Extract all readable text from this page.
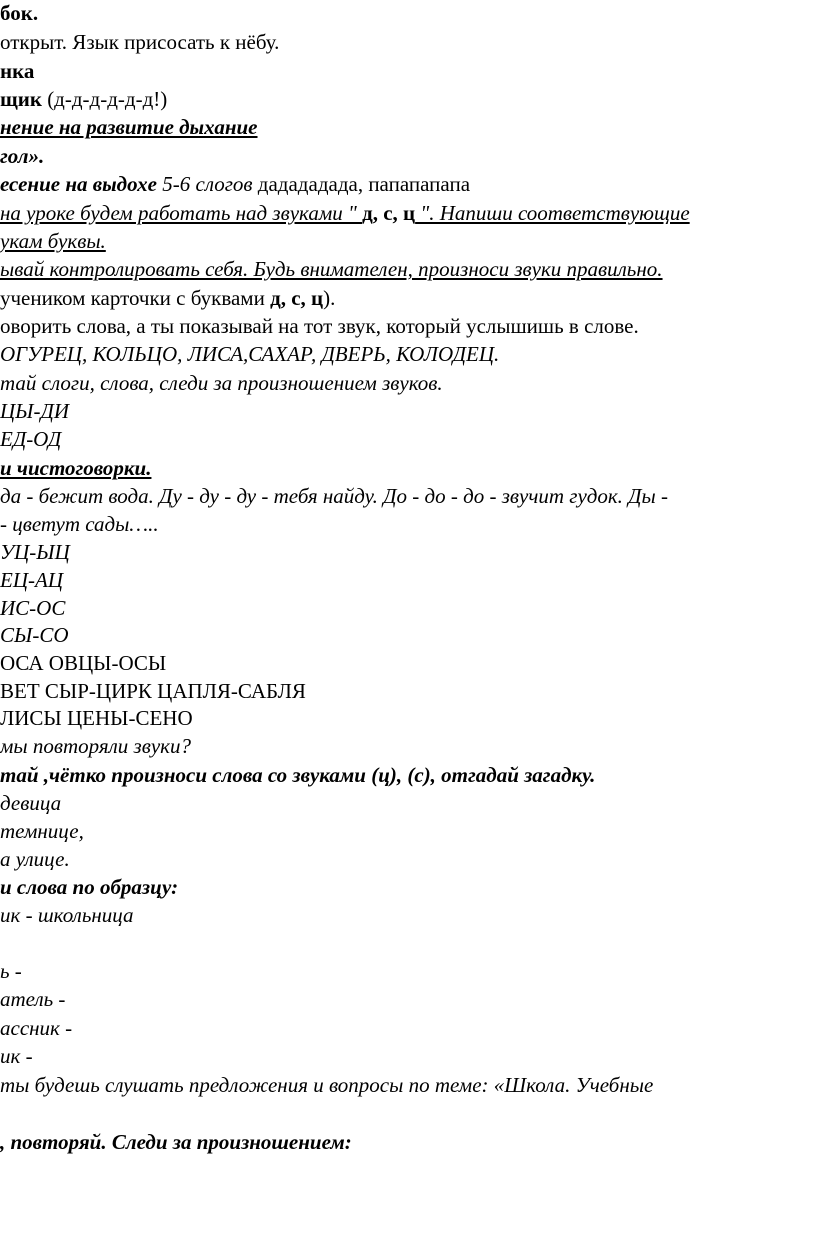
бок.
открыт. Язык присосать к нёбу.
нка
щик (д-д-д-д-д-д!)
нение на развитие дыхание
гол».
есение на выдохе 5-6 слогов дадададада, папапапапа
на уроке будем работать над звуками " д, с, ц ". Напиши соответствующие
укам буквы.
ывай контролировать себя. Будь внимателен, произноси звуки правильно.
учеником карточки с буквами д, с, ц).
оворить слова, а ты показывай на тот звук, который услышишь в слове.
ОГУРЕЦ, КОЛЬЦО, ЛИСА,САХАР, ДВЕРЬ, КОЛОДЕЦ.
тай слоги, слова, следи за произношением звуков.
ЦЫ-ДИ
ЕД-ОД
и чистоговорки.
да - бежит вода. Ду - ду - ду - тебя найду. До - до - до - звучит гудок. Ды -
- цветут сады…..
УЦ-ЫЦ
ЕЦ-АЦ
ИС-ОС
СЫ-СО
ОСА ОВЦЫ-ОСЫ
ВЕТ СЫР-ЦИРК ЦАПЛЯ-САБЛЯ
ЛИСЫ ЦЕНЫ-СЕНО
мы повторяли звуки?
тай ,чётко произноси слова со звуками (ц), (с), отгадай загадку.
девица
темнице,
а улице.
и слова по образцу:
ик - школьница
ь -
атель -
ассник -
ик -
ты будешь слушать предложения и вопросы по теме: «Школа. Учебные
, повторяй. Следи за произношением:
